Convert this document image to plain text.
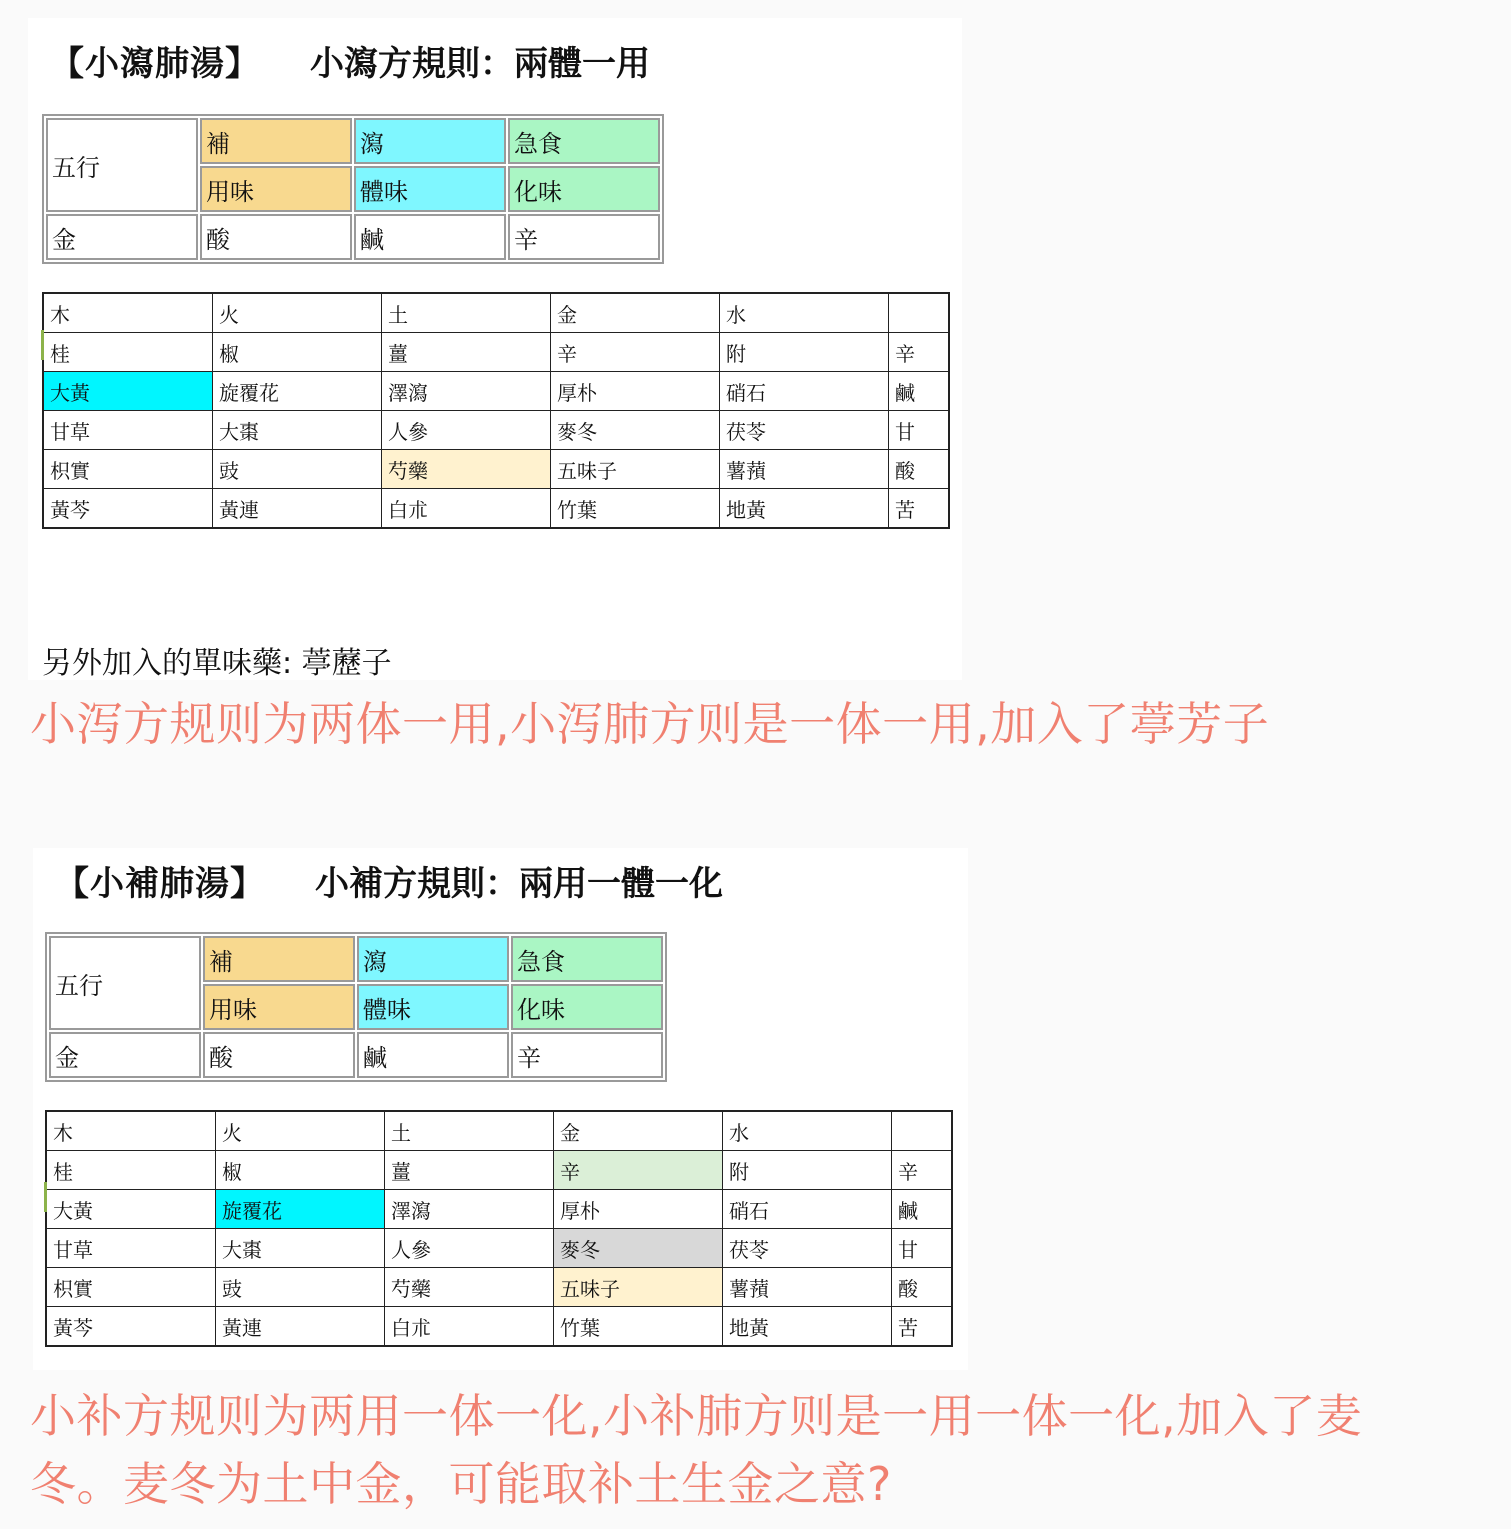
【小瀉肺湯】 小瀉方規則：兩體一用
五行	補	瀉	急食
	用味	體味	化味
金	酸	鹹	辛
木	火	土	金	水	
桂	椒	薑	辛	附	辛
大黃	旋覆花	澤瀉	厚朴	硝石	鹹
甘草	大棗	人參	麥冬	茯苓	甘
枳實	豉	芍藥	五味子	薯蕷	酸
黃芩	黃連	白朮	竹葉	地黃	苦
另外加入的單味藥: 葶藶子
小泻方规则为两体一用,小泻肺方则是一体一用,加入了葶芳子
【小補肺湯】 小補方規則：兩用一體一化
五行	補	瀉	急食
	用味	體味	化味
金	酸	鹹	辛
木	火	土	金	水	
桂	椒	薑	辛	附	辛
大黃	旋覆花	澤瀉	厚朴	硝石	鹹
甘草	大棗	人參	麥冬	茯苓	甘
枳實	豉	芍藥	五味子	薯蕷	酸
黃芩	黃連	白朮	竹葉	地黃	苦
小补方规则为两用一体一化,小补肺方则是一用一体一化,加入了麦
冬。麦冬为土中金，可能取补土生金之意?
